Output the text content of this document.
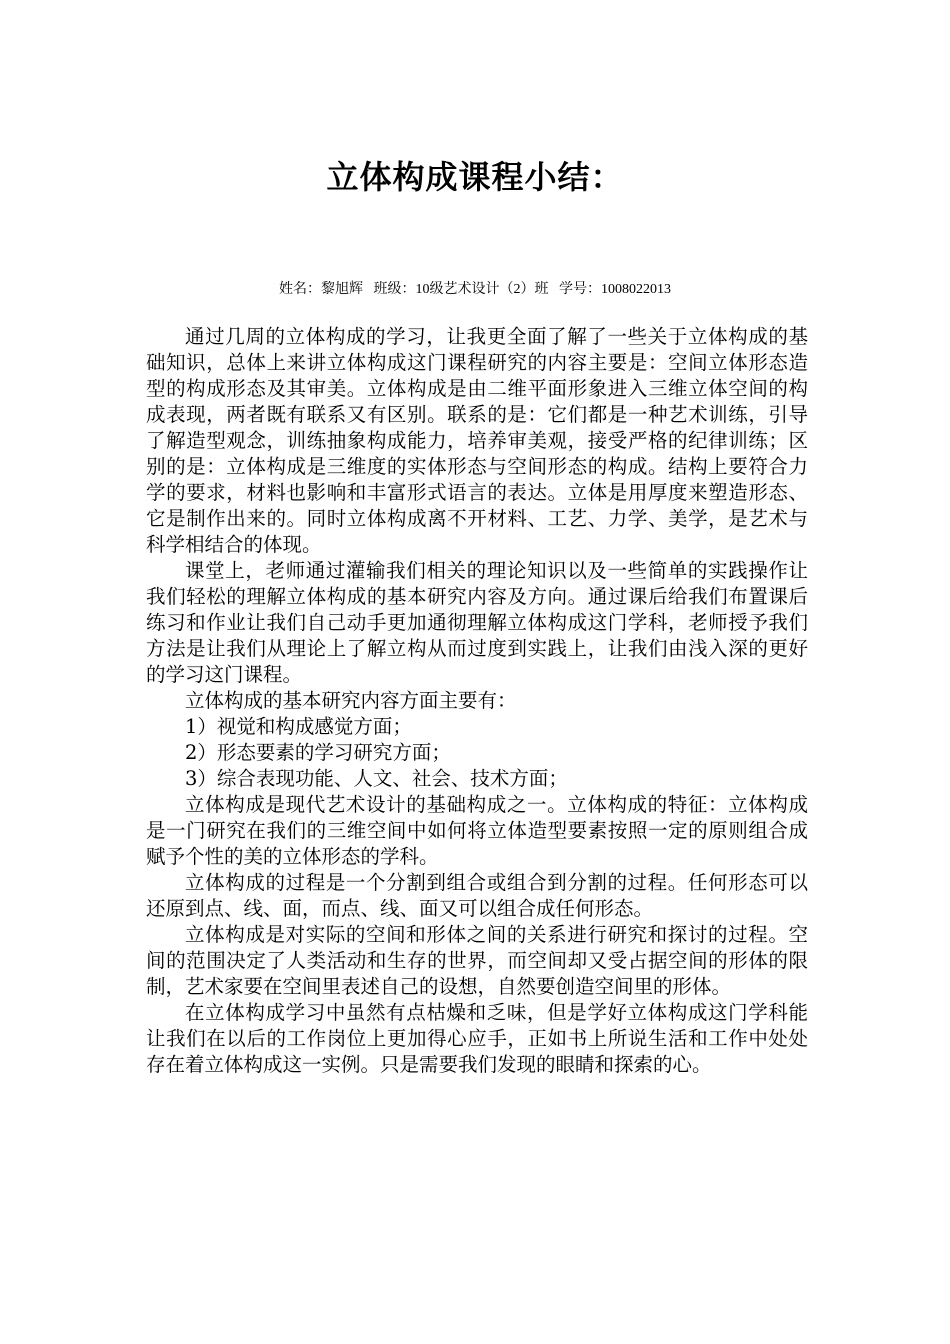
立体构成课程小结：
姓名：黎旭辉 班级：10级艺术设计（2）班 学号：1008022013

通过几周的立体构成的学习，让我更全面了解了一些关于立体构成的基础知识，总体上来讲立体构成这门课程研究的内容主要是：空间立体形态造型的构成形态及其审美。立体构成是由二维平面形象进入三维立体空间的构成表现，两者既有联系又有区别。联系的是：它们都是一种艺术训练，引导了解造型观念，训练抽象构成能力，培养审美观，接受严格的纪律训练；区别的是：立体构成是三维度的实体形态与空间形态的构成。结构上要符合力学的要求，材料也影响和丰富形式语言的表达。立体是用厚度来塑造形态、它是制作出来的。同时立体构成离不开材料、工艺、力学、美学，是艺术与科学相结合的体现。

课堂上，老师通过灌输我们相关的理论知识以及一些简单的实践操作让我们轻松的理解立体构成的基本研究内容及方向。通过课后给我们布置课后练习和作业让我们自己动手更加通彻理解立体构成这门学科，老师授予我们方法是让我们从理论上了解立构从而过度到实践上，让我们由浅入深的更好的学习这门课程。

立体构成的基本研究内容方面主要有：

1）视觉和构成感觉方面；

2）形态要素的学习研究方面；

3）综合表现功能、人文、社会、技术方面；

立体构成是现代艺术设计的基础构成之一。立体构成的特征：立体构成是一门研究在我们的三维空间中如何将立体造型要素按照一定的原则组合成赋予个性的美的立体形态的学科。

立体构成的过程是一个分割到组合或组合到分割的过程。任何形态可以还原到点、线、面，而点、线、面又可以组合成任何形态。

立体构成是对实际的空间和形体之间的关系进行研究和探讨的过程。空间的范围决定了人类活动和生存的世界，而空间却又受占据空间的形体的限制，艺术家要在空间里表述自己的设想，自然要创造空间里的形体。

在立体构成学习中虽然有点枯燥和乏味，但是学好立体构成这门学科能让我们在以后的工作岗位上更加得心应手，正如书上所说生活和工作中处处存在着立体构成这一实例。只是需要我们发现的眼睛和探索的心。
